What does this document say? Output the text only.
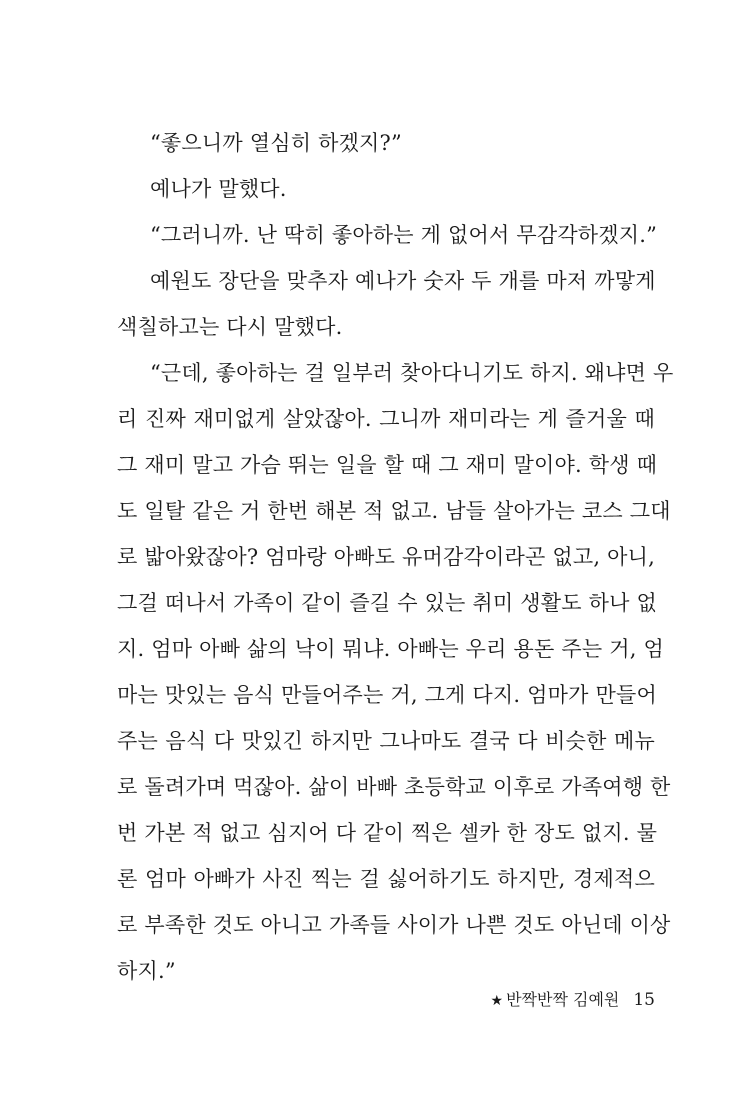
“좋으니까 열심히 하겠지?”
예나가 말했다.
“그러니까. 난 딱히 좋아하는 게 없어서 무감각하겠지.”
예원도 장단을 맞추자 예나가 숫자 두 개를 마저 까맣게
색칠하고는 다시 말했다.
“근데, 좋아하는 걸 일부러 찾아다니기도 하지. 왜냐면 우
리 진짜 재미없게 살았잖아. 그니까 재미라는 게 즐거울 때
그 재미 말고 가슴 뛰는 일을 할 때 그 재미 말이야. 학생 때
도 일탈 같은 거 한번 해본 적 없고. 남들 살아가는 코스 그대
로 밟아왔잖아? 엄마랑 아빠도 유머감각이라곤 없고, 아니,
그걸 떠나서 가족이 같이 즐길 수 있는 취미 생활도 하나 없
지. 엄마 아빠 삶의 낙이 뭐냐. 아빠는 우리 용돈 주는 거, 엄
마는 맛있는 음식 만들어주는 거, 그게 다지. 엄마가 만들어
주는 음식 다 맛있긴 하지만 그나마도 결국 다 비슷한 메뉴
로 돌려가며 먹잖아. 삶이 바빠 초등학교 이후로 가족여행 한
번 가본 적 없고 심지어 다 같이 찍은 셀카 한 장도 없지. 물
론 엄마 아빠가 사진 찍는 걸 싫어하기도 하지만, 경제적으
로 부족한 것도 아니고 가족들 사이가 나쁜 것도 아닌데 이상
하지.”
★ 반짝반짝 김예원 15
